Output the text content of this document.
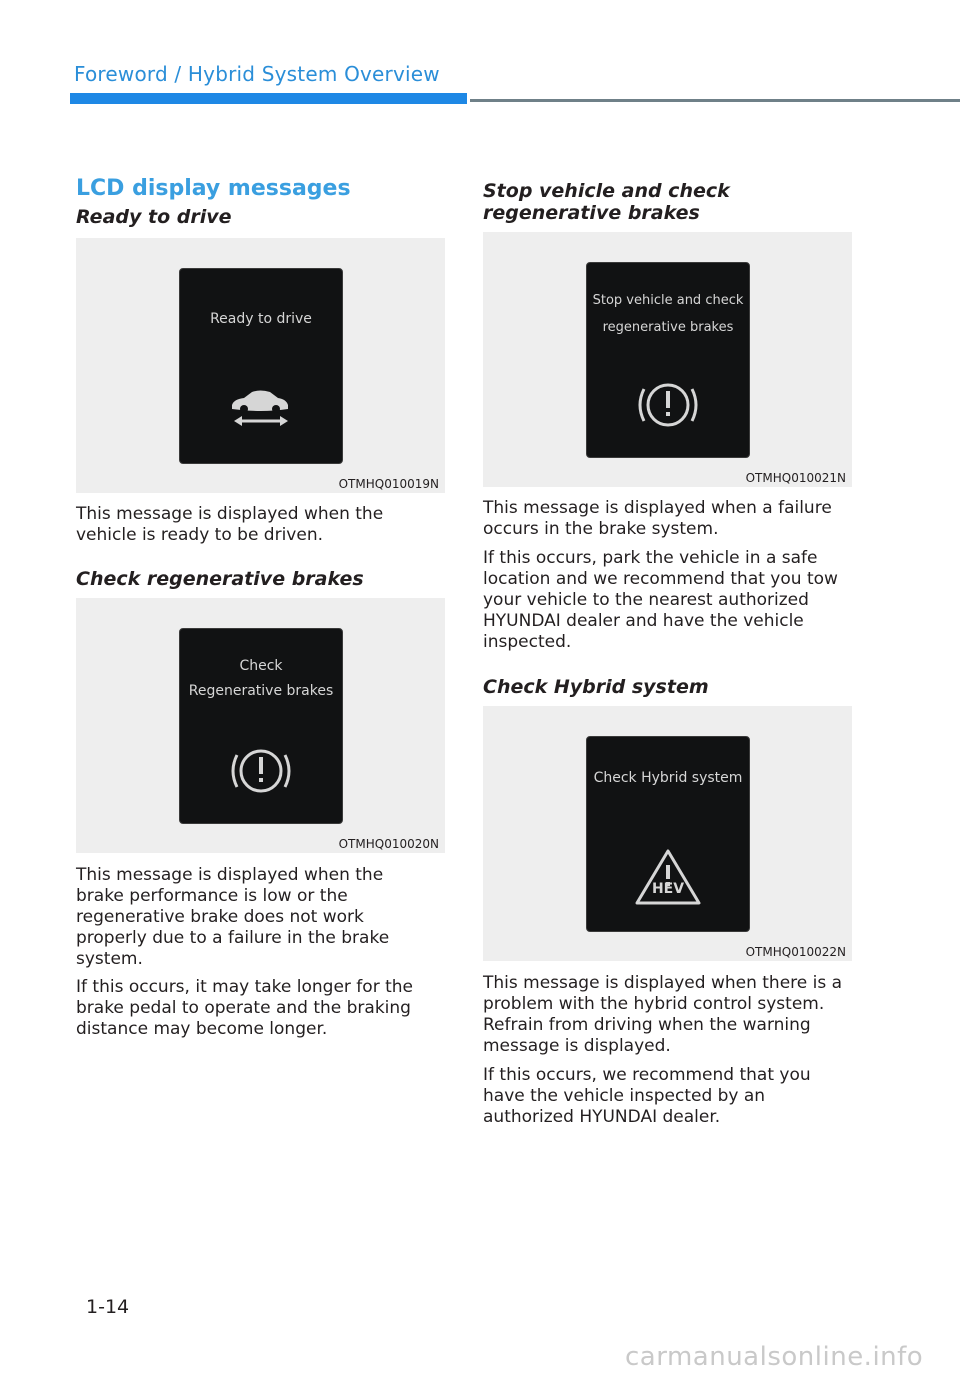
Foreword / Hybrid System Overview
LCD display messages
Ready to drive
Ready to drive
OTMHQ010019N

This message is displayed when the vehicle is ready to be driven.

Check regenerative brakes
Check
Regenerative brakes
OTMHQ010020N

This message is displayed when the brake performance is low or the regenerative brake does not work properly due to a failure in the brake system.

If this occurs, it may take longer for the brake pedal to operate and the braking distance may become longer.

Stop vehicle and check regenerative brakes
Stop vehicle and check
regenerative brakes
OTMHQ010021N

This message is displayed when a failure occurs in the brake system.

If this occurs, park the vehicle in a safe location and we recommend that you tow your vehicle to the nearest authorized HYUNDAI dealer and have the vehicle inspected.

Check Hybrid system
Check Hybrid system
HEV
OTMHQ010022N

This message is displayed when there is a problem with the hybrid control system. Refrain from driving when the warning message is displayed.

If this occurs, we recommend that you have the vehicle inspected by an authorized HYUNDAI dealer.

1-14
carmanualsonline.info
